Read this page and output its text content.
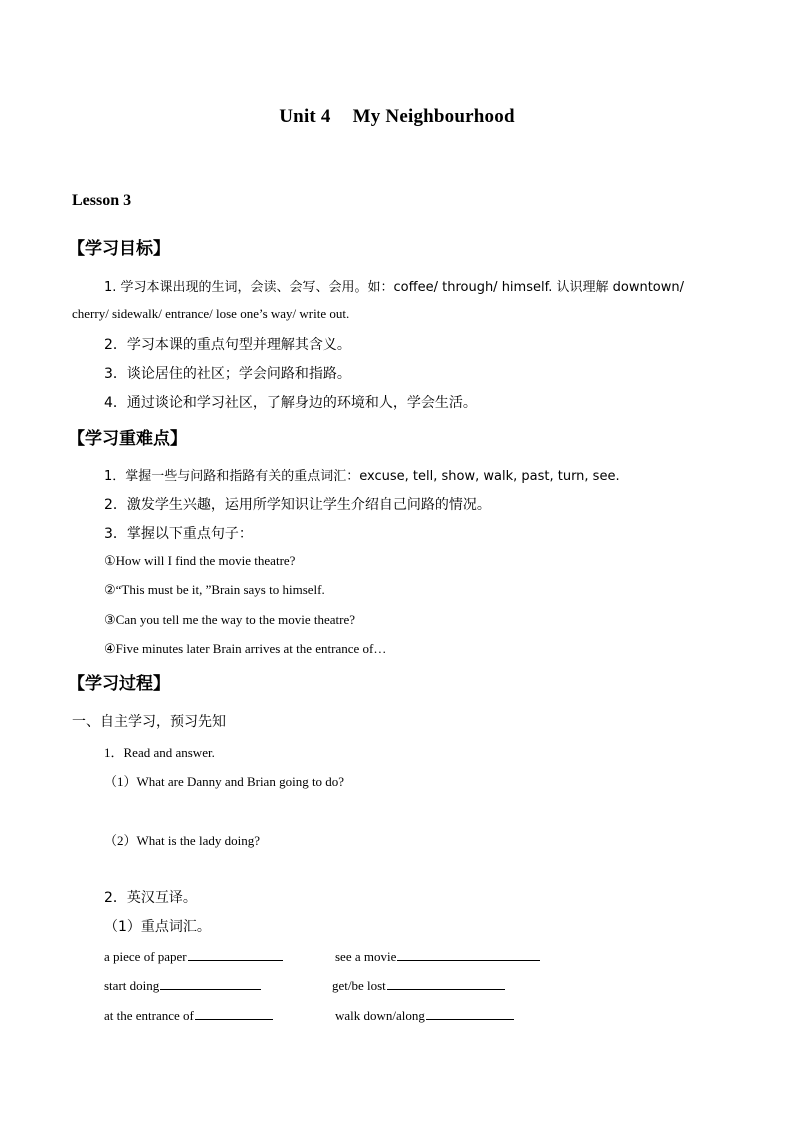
Unit 4 My Neighbourhood
Lesson 3
【学习目标】
1. 学习本课出现的生词，会读、会写、会用。如：coffee/ through/ himself. 认识理解 downtown/
cherry/ sidewalk/ entrance/ lose one’s way/ write out.
2．学习本课的重点句型并理解其含义。
3．谈论居住的社区；学会问路和指路。
4．通过谈论和学习社区，了解身边的环境和人，学会生活。
【学习重难点】
1．掌握一些与问路和指路有关的重点词汇：excuse, tell, show, walk, past, turn, see.
2．激发学生兴趣，运用所学知识让学生介绍自己问路的情况。
3．掌握以下重点句子：
①How will I find the movie theatre?
②“This must be it, ”Brain says to himself.
③Can you tell me the way to the movie theatre?
④Five minutes later Brain arrives at the entrance of…
【学习过程】
一、自主学习，预习先知
1．Read and answer.
（1）What are Danny and Brian going to do?
（2）What is the lady doing?
2．英汉互译。
（1）重点词汇。
a piece of paper	see a movie
start doing	get/be lost
at the entrance of	walk down/along
